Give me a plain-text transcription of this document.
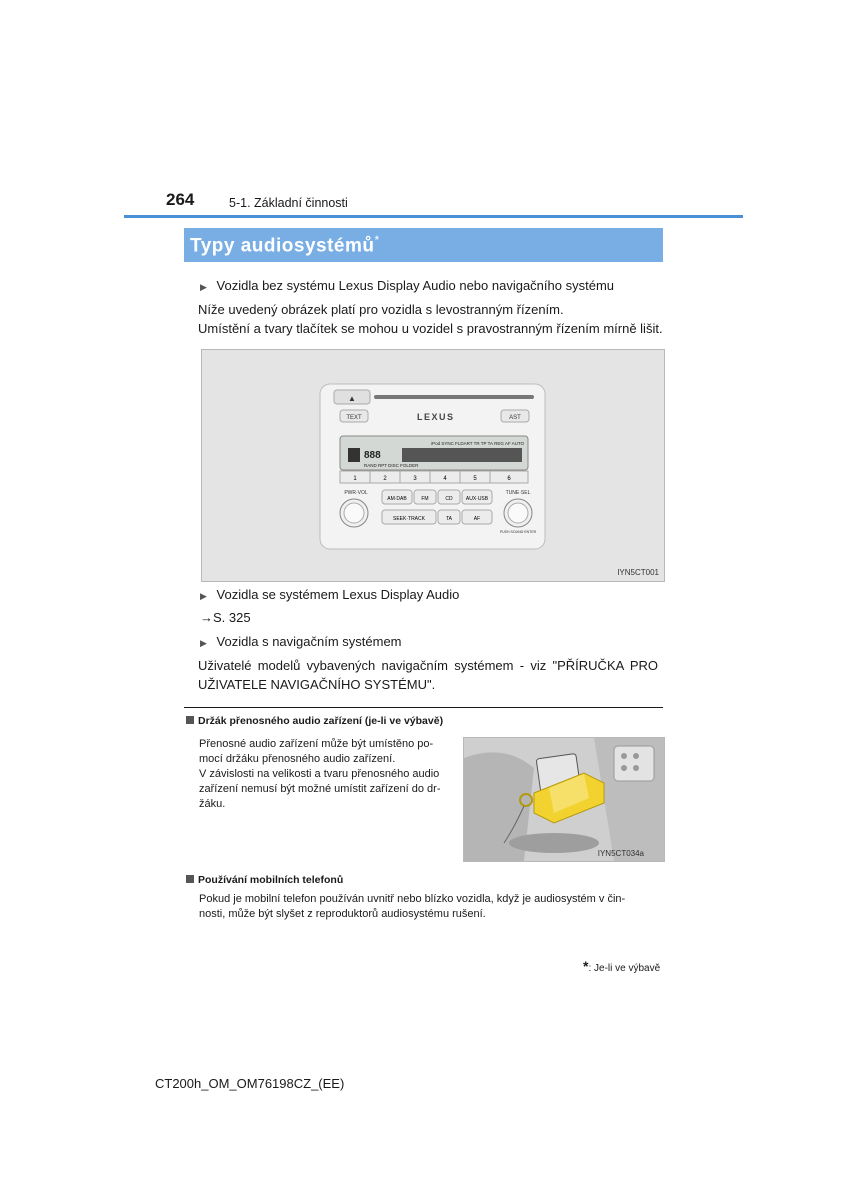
264	5-1. Základní činnosti
Typy audiosystémů*
▶ Vozidla bez systému Lexus Display Audio nebo navigačního systému
Níže uvedený obrázek platí pro vozidla s levostranným řízením.
Umístění a tvary tlačítek se mohou u vozidel s pravostranným řízením mírně lišit.
▲
TEXT	LEXUS	AST
iPod SYNC FLDART TR TP TA REG AF AUTO
888
RAND RPT DISC FOLDER
1	2	3	4	5	6
PWR·VOL	TUNE·SEL
PUSH SOUND·ENTER
AM·DAB	FM	CD	AUX·USB
SEEK·TRACK	TA	AF
IYN5CT001
▶ Vozidla se systémem Lexus Display Audio
→S. 325
▶ Vozidla s navigačním systémem
Uživatelé modelů vybavených navigačním systémem - viz "PŘÍRUČKA PRO
UŽIVATELE NAVIGAČNÍHO SYSTÉMU".
Držák přenosného audio zařízení (je-li ve výbavě)
Přenosné audio zařízení může být umístěno po-
mocí držáku přenosného audio zařízení.
V závislosti na velikosti a tvaru přenosného audio
zařízení nemusí být možné umístit zařízení do dr-
žáku.
IYN5CT034a
Používání mobilních telefonů
Pokud je mobilní telefon používán uvnitř nebo blízko vozidla, když je audiosystém v čin-
nosti, může být slyšet z reproduktorů audiosystému rušení.
*: Je-li ve výbavě
CT200h_OM_OM76198CZ_(EE)
